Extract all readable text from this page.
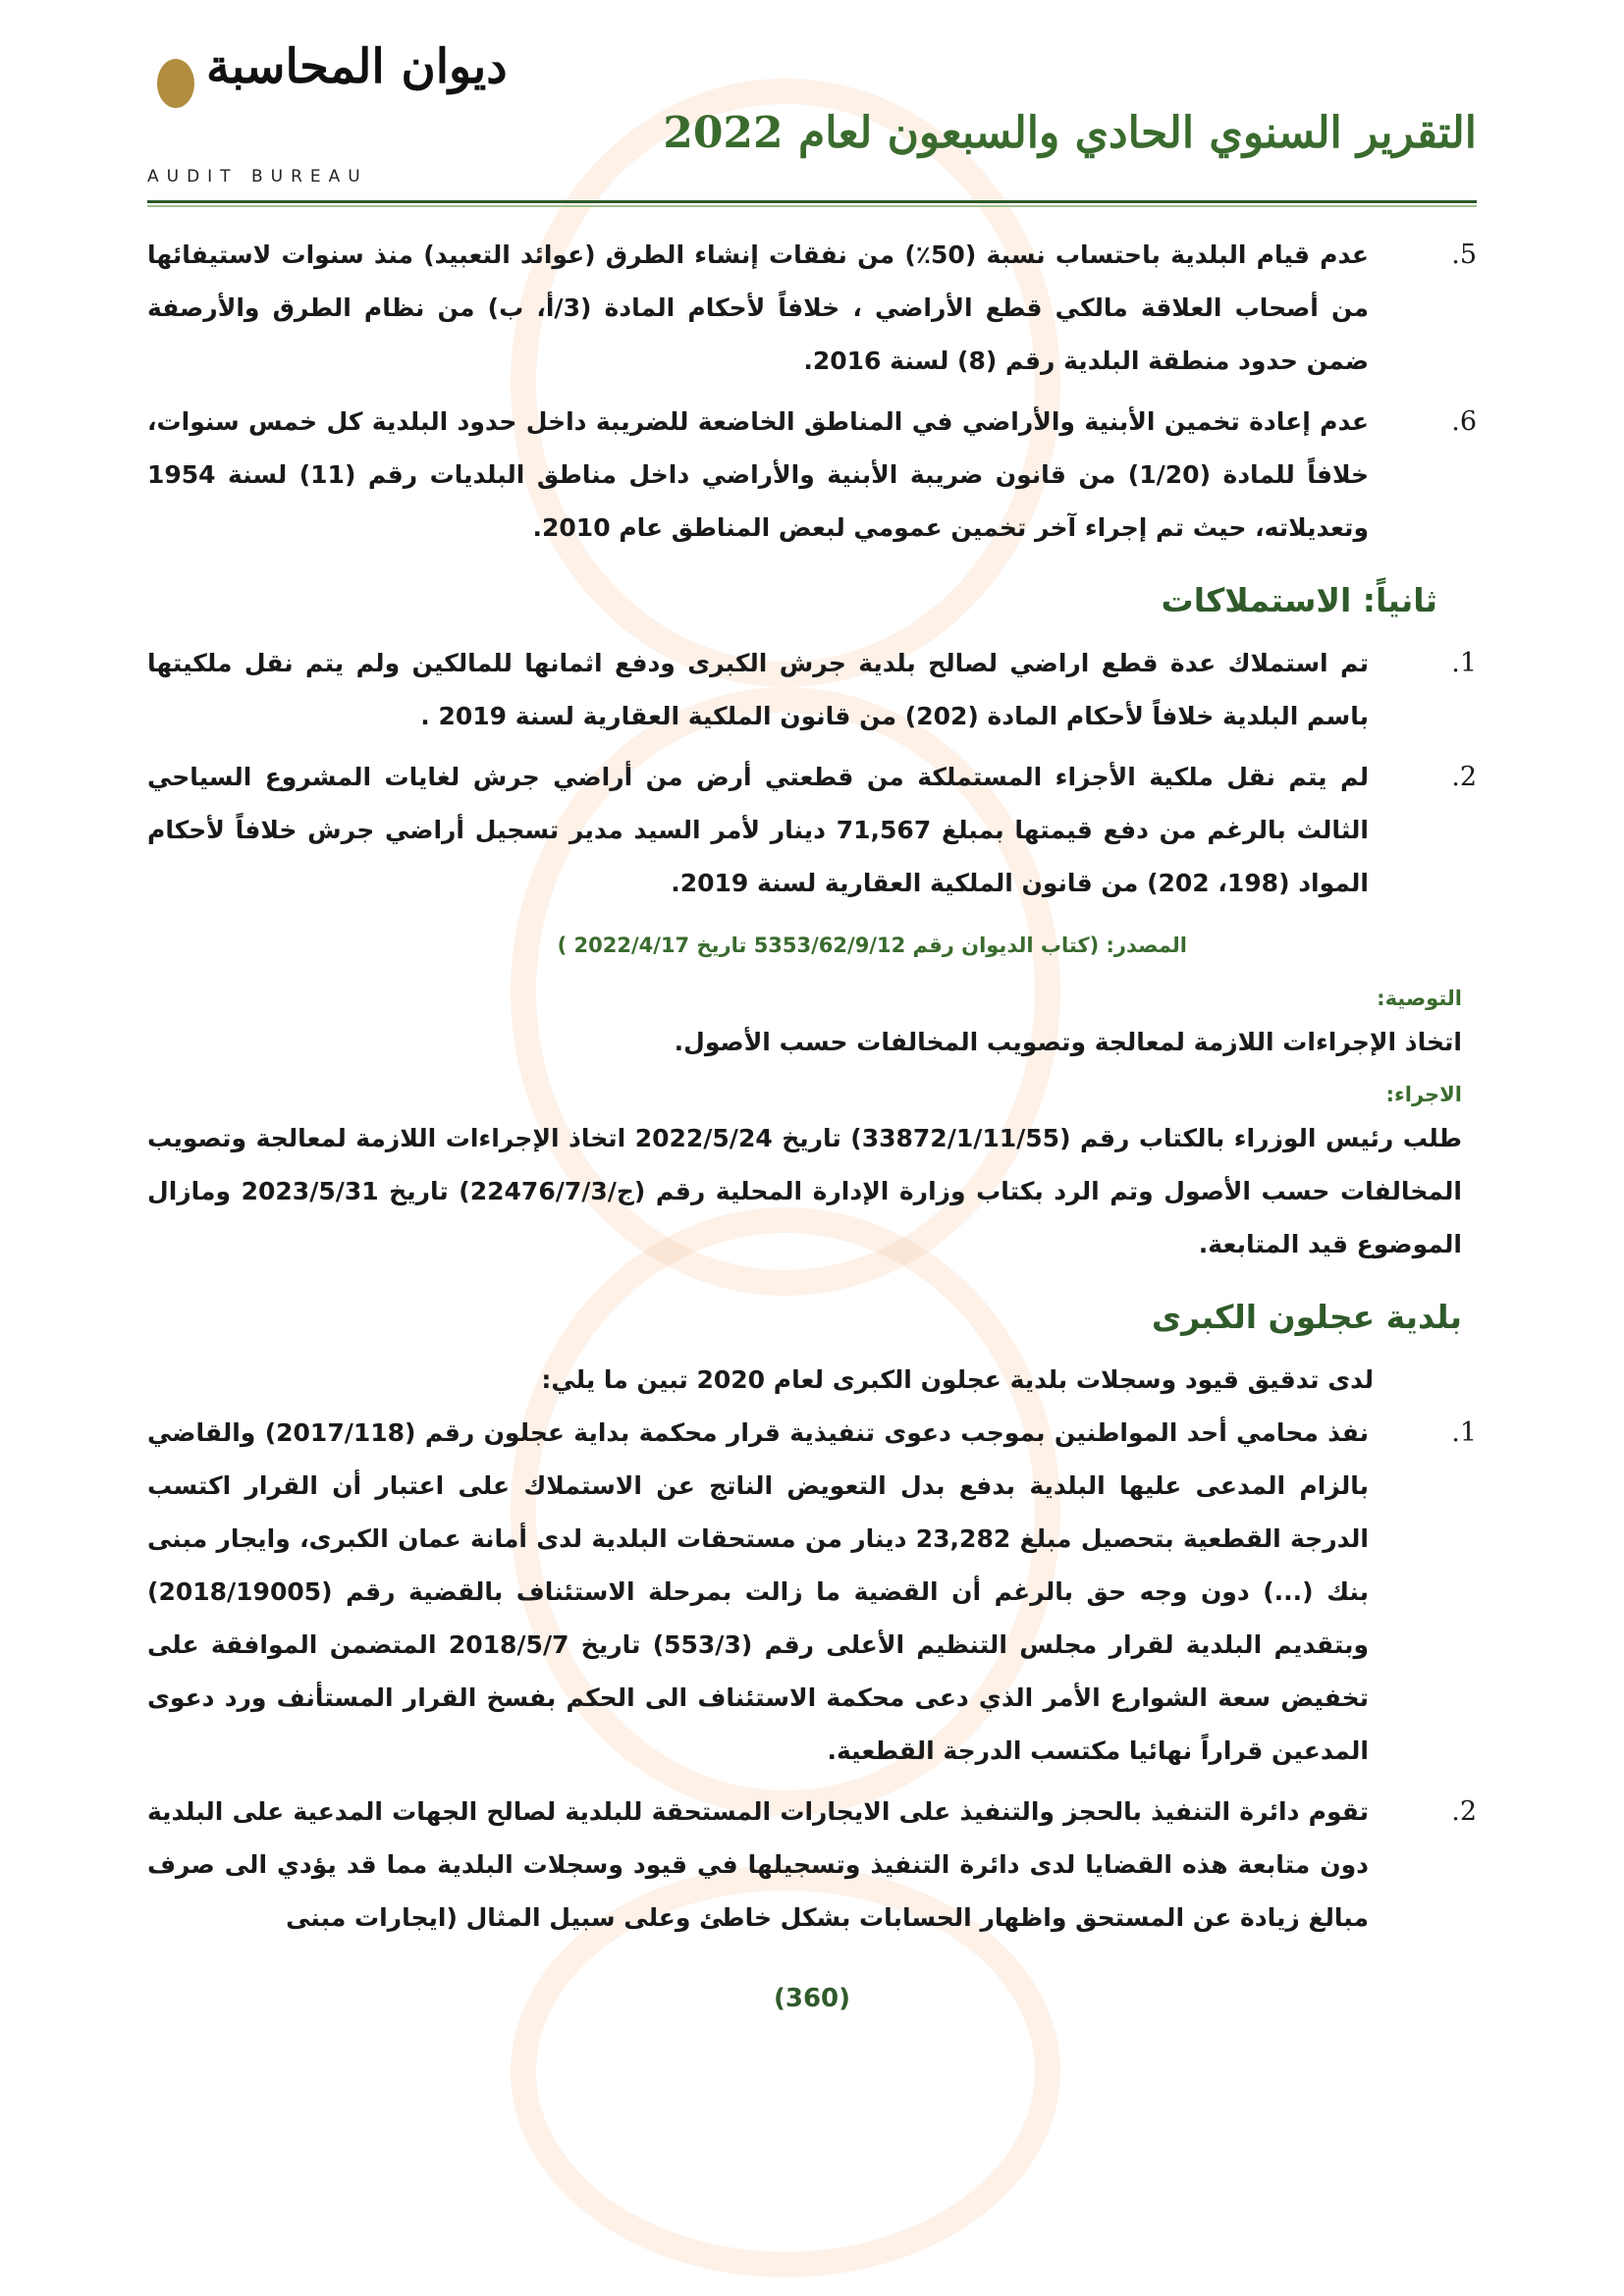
ديوان المحاسبة
AUDIT BUREAU
التقرير السنوي الحادي والسبعون لعام 2022
5.
عدم قيام البلدية باحتساب نسبة (50٪) من نفقات إنشاء الطرق (عوائد التعبيد) منذ سنوات لاستيفائها من أصحاب العلاقة مالكي قطع الأراضي ، خلافاً لأحكام المادة (3/أ، ب) من نظام الطرق والأرصفة ضمن حدود منطقة البلدية رقم (8) لسنة 2016.
6.
عدم إعادة تخمين الأبنية والأراضي في المناطق الخاضعة للضريبة داخل حدود البلدية كل خمس سنوات، خلافاً للمادة (1/20) من قانون ضريبة الأبنية والأراضي داخل مناطق البلديات رقم (11) لسنة 1954 وتعديلاته، حيث تم إجراء آخر تخمين عمومي لبعض المناطق عام 2010.
ثانياً: الاستملاكات
1.
تم استملاك عدة قطع اراضي لصالح بلدية جرش الكبرى ودفع اثمانها للمالكين ولم يتم نقل ملكيتها باسم البلدية خلافاً لأحكام المادة (202) من قانون الملكية العقارية لسنة 2019 .
2.
لم يتم نقل ملكية الأجزاء المستملكة من قطعتي أرض من أراضي جرش لغايات المشروع السياحي الثالث بالرغم من دفع قيمتها بمبلغ 71,567 دينار لأمر السيد مدير تسجيل أراضي جرش خلافاً لأحكام المواد (198، 202) من قانون الملكية العقارية لسنة 2019.
المصدر: (كتاب الديوان رقم 5353/62/9/12 تاريخ 2022/4/17 )
التوصية:
اتخاذ الإجراءات اللازمة لمعالجة وتصويب المخالفات حسب الأصول.
الاجراء:
طلب رئيس الوزراء بالكتاب رقم (33872/1/11/55) تاريخ 2022/5/24 اتخاذ الإجراءات اللازمة لمعالجة وتصويب المخالفات حسب الأصول وتم الرد بكتاب وزارة الإدارة المحلية رقم (ج/22476/7/3) تاريخ 2023/5/31 ومازال الموضوع قيد المتابعة.
بلدية عجلون الكبرى
لدى تدقيق قيود وسجلات بلدية عجلون الكبرى لعام 2020 تبين ما يلي:
1.
نفذ محامي أحد المواطنين بموجب دعوى تنفيذية قرار محكمة بداية عجلون رقم (2017/118) والقاضي بالزام المدعى عليها البلدية بدفع بدل التعويض الناتج عن الاستملاك على اعتبار أن القرار اكتسب الدرجة القطعية بتحصيل مبلغ 23,282 دينار من مستحقات البلدية لدى أمانة عمان الكبرى، وايجار مبنى بنك (...) دون وجه حق بالرغم أن القضية ما زالت بمرحلة الاستئناف بالقضية رقم (2018/19005) وبتقديم البلدية لقرار مجلس التنظيم الأعلى رقم (553/3) تاريخ 2018/5/7 المتضمن الموافقة على تخفيض سعة الشوارع الأمر الذي دعى محكمة الاستئناف الى الحكم بفسخ القرار المستأنف ورد دعوى المدعين قراراً نهائيا مكتسب الدرجة القطعية.
2.
تقوم دائرة التنفيذ بالحجز والتنفيذ على الايجارات المستحقة للبلدية لصالح الجهات المدعية على البلدية دون متابعة هذه القضايا لدى دائرة التنفيذ وتسجيلها في قيود وسجلات البلدية مما قد يؤدي الى صرف مبالغ زيادة عن المستحق واظهار الحسابات بشكل خاطئ وعلى سبيل المثال (ايجارات مبنى
(360)
